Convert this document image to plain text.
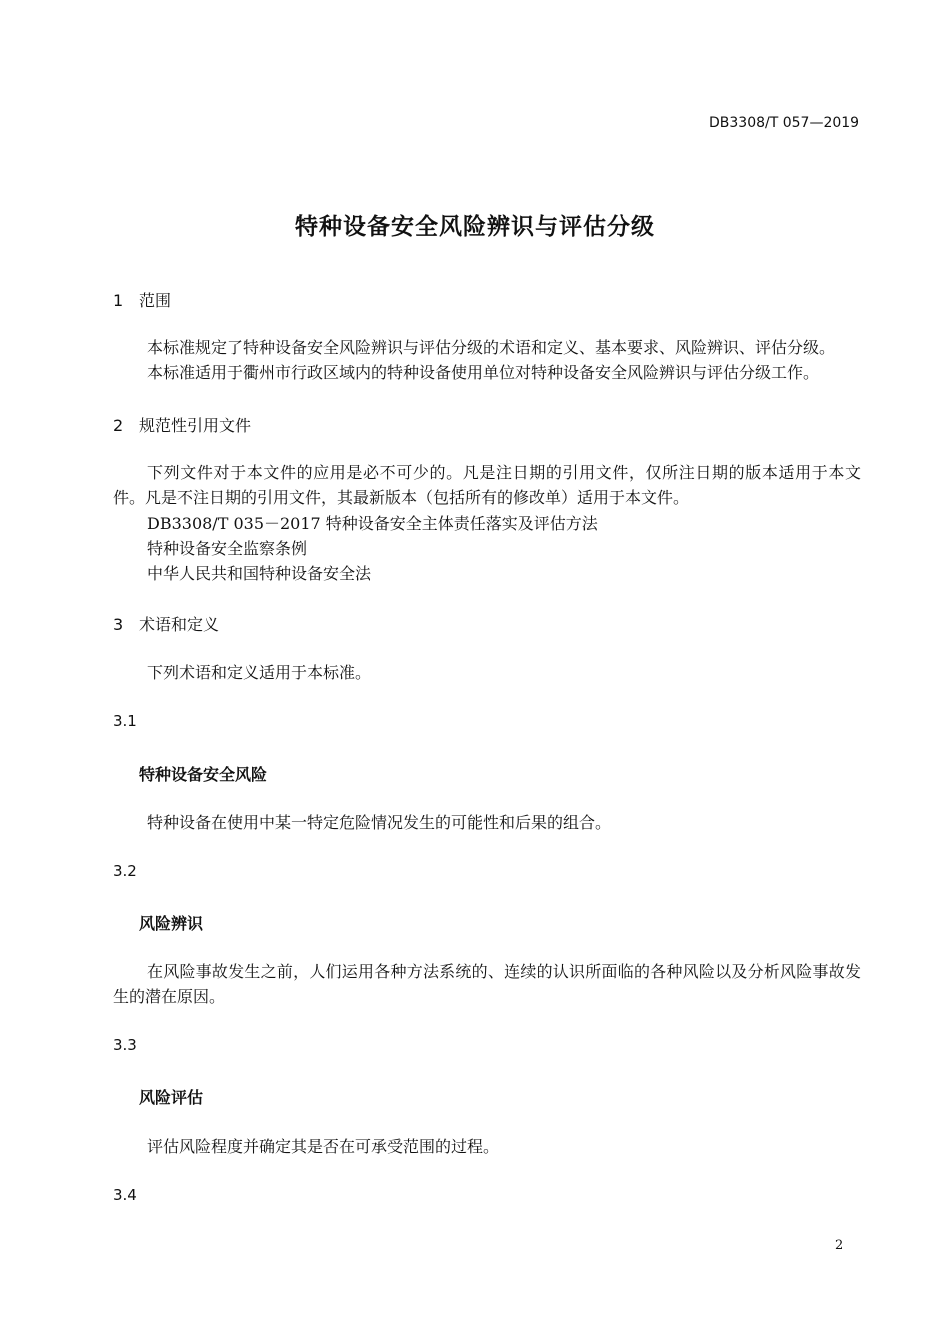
DB3308/T 057—2019
特种设备安全风险辨识与评估分级
1 范围
本标准规定了特种设备安全风险辨识与评估分级的术语和定义、基本要求、风险辨识、评估分级。
本标准适用于衢州市行政区域内的特种设备使用单位对特种设备安全风险辨识与评估分级工作。
2 规范性引用文件
下列文件对于本文件的应用是必不可少的。凡是注日期的引用文件，仅所注日期的版本适用于本文件。凡是不注日期的引用文件，其最新版本（包括所有的修改单）适用于本文件。
DB3308/T 035－2017 特种设备安全主体责任落实及评估方法
特种设备安全监察条例
中华人民共和国特种设备安全法
3 术语和定义
下列术语和定义适用于本标准。
3.1
特种设备安全风险
特种设备在使用中某一特定危险情况发生的可能性和后果的组合。
3.2
风险辨识
在风险事故发生之前，人们运用各种方法系统的、连续的认识所面临的各种风险以及分析风险事故发生的潜在原因。
3.3
风险评估
评估风险程度并确定其是否在可承受范围的过程。
3.4
2
